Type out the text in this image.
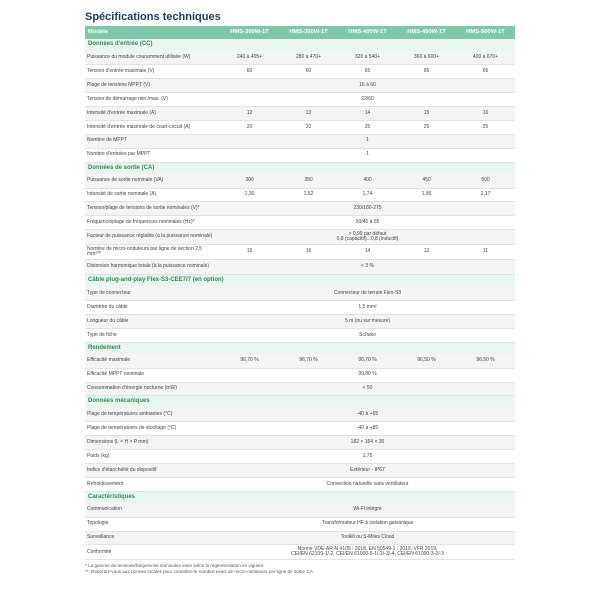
Spécifications techniques
Modèle	HMS-300W-1T	HMS-350W-1T	HMS-400W-1T	HMS-450W-1T	HMS-500W-1T
Données d'entrée (CC)					
Puissance du module couramment utilisée (W)	240 à 405+	280 à 470+	320 à 540+	360 à 600+	400 à 670+
Tension d'entrée maximale (V)	60	60	65	65	65
Plage de tensions MPPT (V)	16 à 60				
Tension de démarrage min./max. (V)	22/60				
Intensité d'entrée maximale (A)	12	13	14	15	16
Intensité d'entrée maximale de court-circuit (A)	20	20	25	25	25
Nombre de MPPT	1				
Nombre d'entrées par MPPT	1				
Données de sortie (CA)					
Puissance de sortie nominale (VA)	300	350	400	450	500
Intensité de sortie nominale (A)	1,30	1,52	1,74	1,96	2,17
Tension/plage de tensions de sortie nominales (V)*	230/180-275				
Fréquence/plage de fréquences nominales (Hz)*	50/45 à 55				
Facteur de puissance réglable (à la puissance nominale)	> 0,99 par défaut
0,8 (capacitif)...0,8 (inductif)				
Nombre de micro-onduleurs par ligne de section 2,5 mm²**	19	16	14	12	11
Distorsion harmonique totale (à la puissance nominale)	< 3 %				
Câble plug-and-play Flex-S3-CEE7/7 (en option)					
Type de connecteur	Connecteur de terrain Flex-S3				
Diamètre du câble	1,5 mm²				
Longueur du câble	5 m (ou sur mesure)				
Type de fiche	Schuko				
Rendement					
Efficacité maximale	96,70 %	96,70 %	96,70 %	96,50 %	96,50 %
Efficacité MPPT nominale	99,80 %				
Consommation d'énergie nocturne (mW)	< 50				
Données mécaniques					
Plage de températures ambiantes (°C)	-40 à +65				
Plage de températures de stockage (°C)	-40 à +85				
Dimensions (L × H × P mm)	182 × 164 × 30				
Poids (kg)	1,75				
Indice d'étanchéité du dispositif	Extérieur - IP67				
Refroidissement	Convection naturelle sans ventilateur				
Caractéristiques					
Communication	Wi-Fi intégré				
Topologie	Transformateur HF à isolation galvanique				
Surveillance	Toolkit ou S-Miles Cloud				
Conformité	Norme VDE-AR-N 4105 : 2018, EN 50549-1 : 2019, VFR 2019,
CEI/EN 62109-1/-2, CEI/EN 61000-6-1/-2/-3/-4, CEI/EN 61000-3-2/-3				
* La gamme de tensions/fréquences nominales varie selon la réglementation en vigueur.
**: Reportez-vous aux normes locales pour connaître le nombre exact de micro-onduleurs par ligne de sortie CA.
